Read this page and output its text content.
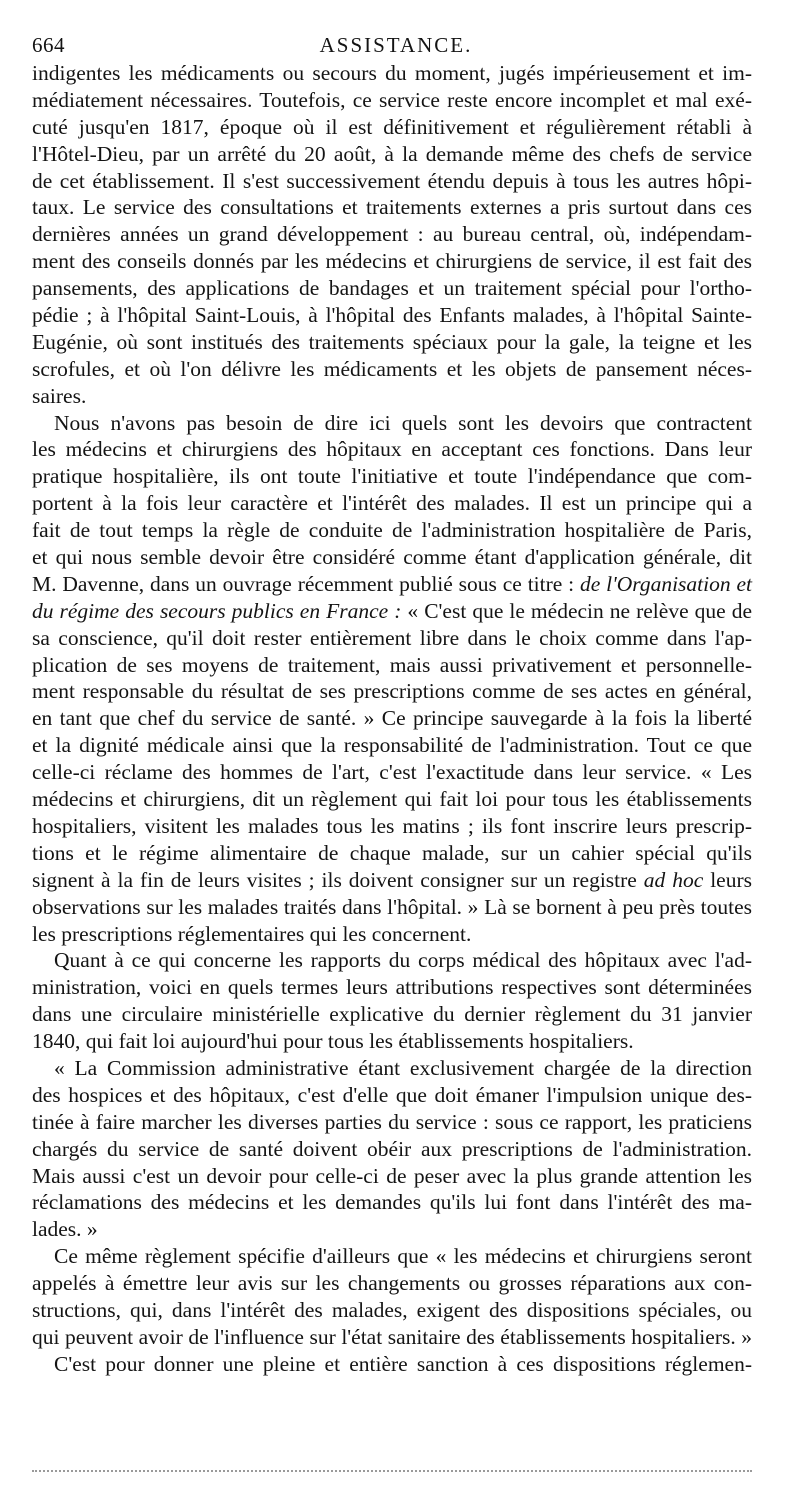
664	ASSISTANCE.
indigentes les médicaments ou secours du moment, jugés impérieusement et im-
médiatement nécessaires. Toutefois, ce service reste encore incomplet et mal exé-
cuté jusqu'en 1817, époque où il est définitivement et régulièrement rétabli à
l'Hôtel-Dieu, par un arrêté du 20 août, à la demande même des chefs de service
de cet établissement. Il s'est successivement étendu depuis à tous les autres hôpi-
taux. Le service des consultations et traitements externes a pris surtout dans ces
dernières années un grand développement : au bureau central, où, indépendam-
ment des conseils donnés par les médecins et chirurgiens de service, il est fait des
pansements, des applications de bandages et un traitement spécial pour l'ortho-
pédie ; à l'hôpital Saint-Louis, à l'hôpital des Enfants malades, à l'hôpital Sainte-
Eugénie, où sont institués des traitements spéciaux pour la gale, la teigne et les
scrofules, et où l'on délivre les médicaments et les objets de pansement néces-
saires.
Nous n'avons pas besoin de dire ici quels sont les devoirs que contractent
les médecins et chirurgiens des hôpitaux en acceptant ces fonctions. Dans leur
pratique hospitalière, ils ont toute l'initiative et toute l'indépendance que com-
portent à la fois leur caractère et l'intérêt des malades. Il est un principe qui a
fait de tout temps la règle de conduite de l'administration hospitalière de Paris,
et qui nous semble devoir être considéré comme étant d'application générale, dit
M. Davenne, dans un ouvrage récemment publié sous ce titre : de l'Organisation et
du régime des secours publics en France : « C'est que le médecin ne relève que de
sa conscience, qu'il doit rester entièrement libre dans le choix comme dans l'ap-
plication de ses moyens de traitement, mais aussi privativement et personnelle-
ment responsable du résultat de ses prescriptions comme de ses actes en général,
en tant que chef du service de santé. » Ce principe sauvegarde à la fois la liberté
et la dignité médicale ainsi que la responsabilité de l'administration. Tout ce que
celle-ci réclame des hommes de l'art, c'est l'exactitude dans leur service. « Les
médecins et chirurgiens, dit un règlement qui fait loi pour tous les établissements
hospitaliers, visitent les malades tous les matins ; ils font inscrire leurs prescrip-
tions et le régime alimentaire de chaque malade, sur un cahier spécial qu'ils
signent à la fin de leurs visites ; ils doivent consigner sur un registre ad hoc leurs
observations sur les malades traités dans l'hôpital. » Là se bornent à peu près toutes
les prescriptions réglementaires qui les concernent.
Quant à ce qui concerne les rapports du corps médical des hôpitaux avec l'ad-
ministration, voici en quels termes leurs attributions respectives sont déterminées
dans une circulaire ministérielle explicative du dernier règlement du 31 janvier
1840, qui fait loi aujourd'hui pour tous les établissements hospitaliers.
« La Commission administrative étant exclusivement chargée de la direction
des hospices et des hôpitaux, c'est d'elle que doit émaner l'impulsion unique des-
tinée à faire marcher les diverses parties du service : sous ce rapport, les praticiens
chargés du service de santé doivent obéir aux prescriptions de l'administration.
Mais aussi c'est un devoir pour celle-ci de peser avec la plus grande attention les
réclamations des médecins et les demandes qu'ils lui font dans l'intérêt des ma-
lades. »
Ce même règlement spécifie d'ailleurs que « les médecins et chirurgiens seront
appelés à émettre leur avis sur les changements ou grosses réparations aux con-
structions, qui, dans l'intérêt des malades, exigent des dispositions spéciales, ou
qui peuvent avoir de l'influence sur l'état sanitaire des établissements hospitaliers. »
C'est pour donner une pleine et entière sanction à ces dispositions réglemen-
